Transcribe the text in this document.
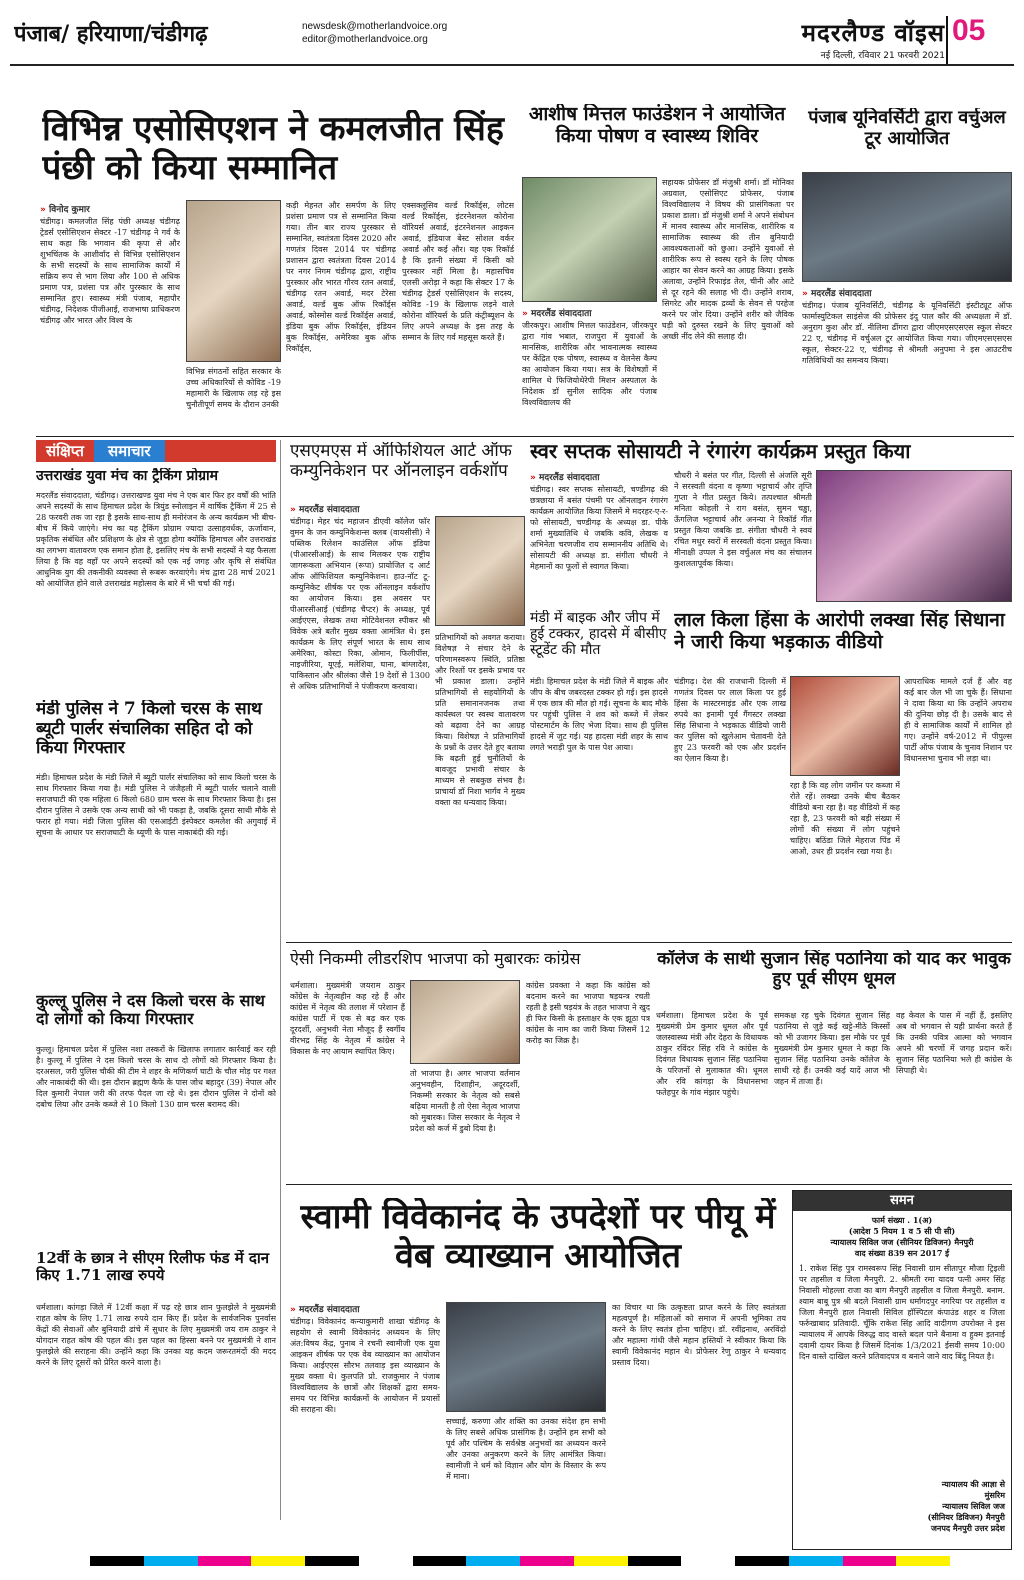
पंजाब/ हरियाणा/चंडीगढ़	newsdesk@motherlandvoice.org
editor@motherlandvoice.org	मदरलैण्ड वॉइस 05
नई दिल्ली, रविवार 21 फरवरी 2021
विभिन्न एसोसिएशन ने कमलजीत सिंह पंछी को किया सम्मानित
» विनोद कुमार
चंडीगढ़। कमलजीत सिंह पंछी अध्यक्ष चंडीगढ़ ट्रेडर्स एसोसिएशन सेक्टर -17 चंडीगढ़ ने गर्व के साथ कहा कि भगवान की कृपा से और शुभचिंतक के आशीर्वाद से विभिन्न एसोसिएशन के सभी सदस्यों के साथ सामाजिक कार्यों में सक्रिय रूप से भाग लिया और 100 से अधिक प्रमाण पत्र, प्रशंसा पत्र और पुरस्कार के साथ सम्मानित हुए। स्वास्थ्य मंत्री पंजाब, महापौर चंडीगढ़, निदेशक पीजीआई, राजभाषा प्राधिकरण चंडीगढ़ और भारत और विश्व के
विभिन्न संगठनों सहित सरकार के उच्च अधिकारियों से कोविड -19 महामारी के खिलाफ लड़ रहे इस चुनौतीपूर्ण समय के दौरान उनकी
कड़ी मेहनत और समर्पण के लिए प्रशंसा प्रमाण पत्र से सम्मानित किया गया। तीन बार राज्य पुरस्कार से सम्मानित, स्वतंत्रता दिवस 2020 और गणतंत्र दिवस 2014 पर चंडीगढ़ प्रशासन द्वारा स्वतंत्रता दिवस 2014 पर नगर निगम चंडीगढ़ द्वारा, राष्ट्रीय पुरस्कार और भारत गौरव रतन अवार्ड, चंडीगढ़ रतन अवार्ड, मदर टेरेसा अवार्ड, वर्ल्ड बुक ऑफ रिकॉर्ड्स अवार्ड, कोस्मोस वर्ल्ड रिकॉर्ड्स अवार्ड, इंडिया बुक ऑफ रिकॉर्ड्स, इंडियन बुक रिकॉर्ड्स, अमेरिका बुक ऑफ रिकॉर्ड्स,
एक्सक्लूसिव वर्ल्ड रिकॉर्ड्स, लोटस वर्ल्ड रिकॉर्ड्स, इंटरनेशनल कोरोना वॉरियर्स अवार्ड, इंटरनेशनल आइकन अवार्ड, इंडियाज बेस्ट सोशल वर्कर अवार्ड और कई और। यह एक रिकॉर्ड है कि इतनी संख्या में किसी को पुरस्कार नहीं मिला है। महासचिव एलसी अरोड़ा ने कहा कि सेक्टर 17 के चंडीगढ़ ट्रेडर्स एसोसिएशन के सदस्य, कोविड -19 के खिलाफ लड़ने वाले कोरोना वॉरियर्स के प्रति कंट्रीब्यूशन के लिए अपने अध्यक्ष के इस तरह के सम्मान के लिए गर्व महसूस करते हैं।
आशीष मित्तल फाउंडेशन ने आयोजित किया पोषण व स्वास्थ्य शिविर
» मदरलैंड संवाददाता
जीरकपुर। आशीष मित्तल फाउंडेशन, जीरकपुर द्वारा गांव भबात, राजपुरा में युवाओं के मानसिक, शारीरिक और भावनात्मक स्वास्थ्य पर केंद्रित एक पोषण, स्वास्थ्य व वेलनेस कैम्प का आयोजन किया गया। सत्र के विशेषज्ञों में शामिल थे फिजियोथेरेपी मिशन अस्पताल के निदेशक डॉ सुनील सादिक और पंजाब विश्वविद्यालय की
सहायक प्रोफेसर डॉ मंजुश्री शर्मा। डॉ मोनिका अग्रवाल, एसोसिएट प्रोफेसर, पंजाब विश्वविद्यालय ने विषय की प्रासंगिकता पर प्रकाश डाला। डॉ मंजुश्री शर्मा ने अपने संबोधन में मानव स्वास्थ्य और मानसिक, शारीरिक व सामाजिक स्वास्थ्य की तीन बुनियादी आवश्यकताओं को छुआ। उन्होंने युवाओं से शारीरिक रूप से स्वस्थ रहने के लिए पोषक आहार का सेवन करने का आग्रह किया। इसके अलावा, उन्होंने रिफाइंड तेल, चीनी और आटे से दूर रहने की सलाह भी दी। उन्होंने शराब, सिगरेट और मादक द्रव्यों के सेवन से परहेज करने पर जोर दिया। उन्होंने शरीर को जैविक घड़ी को दुरुस्त रखने के लिए युवाओं को अच्छी नींद लेने की सलाह दी।
पंजाब यूनिवर्सिटी द्वारा वर्चुअल टूर आयोजित
» मदरलैंड संवाददाता
चंडीगढ़। पंजाब यूनिवर्सिटी, चंडीगढ़ के यूनिवर्सिटी इंस्टीट्यूट ऑफ फार्मास्युटिकल साइंसेज की प्रोफेसर इंदु पाल कौर की अध्यक्षता में डॉ. अनुराग कुश और डॉ. नीलिमा ढींगरा द्वारा जीएमएसएसएस स्कूल सेक्टर 22 ए, चंडीगढ़ में वर्चुअल टूर आयोजित किया गया। जीएमएसएसएस स्कूल, सेक्टर-22 ए, चंडीगढ़ से श्रीमती अनुपमा ने इस आउटरीच गतिविधियों का समन्वय किया।
संक्षिप्त	समाचार
उत्तराखंड युवा मंच का ट्रैकिंग प्रोग्राम
मदरलैंड संवाददाता, चंडीगढ़। उत्तराखण्ड युवा मंच ने एक बार फिर हर वर्षों की भांति अपने सदस्यों के साथ हिमाचल प्रदेश के त्रियुंड स्नोलाइन में वार्षिक ट्रैकिंग में 25 से 28 फरवरी तक जा रहा है इसके साथ-साथ ही मनोरंजन के अन्य कार्यक्रम भी बीच-बीच में किये जाएंगे। मंच का यह ट्रैकिंग प्रोग्राम ज्यादा उत्साहवर्धक, ऊर्जावान, प्रकृतिक संबंधित और प्रशिक्षण के क्षेत्र से जुड़ा होगा क्योंकि हिमाचल और उत्तराखंड का लगभग वातावरण एक समान होता है, इसलिए मंच के सभी सदस्यों ने यह फैसला लिया है कि वह वहाँ पर अपने सदस्यों को एक नई जगह और कृषि से संबंधित आधुनिक युग की तकनीकी व्यवस्था से रूबरू करवाएंगे। मंच द्वारा 28 मार्च 2021 को आयोजित होने वाले उत्तराखंड महोत्सव के बारे में भी चर्चा की गई।
मंडी पुलिस ने 7 किलो चरस के साथ ब्यूटी पार्लर संचालिका सहित दो को किया गिरफ्तार
मंडी। हिमाचल प्रदेश के मंडी जिले में ब्यूटी पार्लर संचालिका को साथ किलो चरस के साथ गिरफ्तार किया गया है। मंडी पुलिस ने जंजैहली में ब्यूटी पार्लर चलाने वाली सराजघाटी की एक महिला 6 किलो 680 ग्राम चरस के साथ गिरफ्तार किया है। इस दौरान पुलिस ने उसके एक अन्य साथी को भी पकड़ा है, जबकि दूसरा साथी मौके से फरार हो गया। मंडी जिला पुलिस की एसआईटी इंस्पेक्टर कमलेश की अगुवाई में सूचना के आधार पर सराजघाटी के थ्यूणी के पास नाकाबंदी की गई।
कुल्लू पुलिस ने दस किलो चरस के साथ दो लोगों को किया गिरफ्तार
कुल्लू। हिमाचल प्रदेश में पुलिस नशा तस्करों के खिलाफ लगातार कार्रवाई कर रही है। कुल्लू में पुलिस ने दस किलो चरस के साथ दो लोगों को गिरफ्तार किया है। दरअसल, जरी पुलिस चौकी की टीम ने शहर के मणिकर्ण घाटी के चौल मोड़ पर गश्त और नाकाबंदी की थी। इस दौरान ब्रह्मण कैफे के पास जोध बहादुर (39) नेपाल और दिल कुमारी नेपाल जरी की तरफ पैदल जा रहे थे। इस दौरान पुलिस ने दोनों को दबोच लिया और उनके कब्जे से 10 किलो 130 ग्राम चरस बरामद की।
12वीं के छात्र ने सीएम रिलीफ फंड में दान किए 1.71 लाख रुपये
धर्मशाला। कांगड़ा जिले में 12वीं कक्षा में पढ़ रहे छात्र शान फुलझेले ने मुख्यमंत्री राहत कोष के लिए 1.71 लाख रुपये दान किए हैं। प्रदेश के सार्वजनिक पुनर्वास केंद्रों की सेवाओं और बुनियादी ढांचे में सुधार के लिए मुख्यमंत्री जय राम ठाकुर ने योगदान राहत कोष की पहल की। इस पहल का हिस्सा बनने पर मुख्यमंत्री ने शान फुलझेले की सराहना की। उन्होंने कहा कि उनका यह कदम जरूरतमंदों की मदद करने के लिए दूसरों को प्रेरित करने वाला है।
एसएमएस में ऑफिशियल आर्ट ऑफ कम्युनिकेशन पर ऑनलाइन वर्कशॉप
» मदरलैंड संवाददाता
चंडीगढ़। मेहर चंद महाजन डीएवी कॉलेज फॉर वुमन के जन कम्युनिकेशन्स क्लब (वायसीसी) ने पब्लिक रिलेशन काउंसिल ऑफ इंडिया (पीआरसीआई) के साथ मिलकर एक राष्ट्रीय जागरूकता अभियान (रूपा) प्रायोजित द आर्ट ऑफ ऑफिशियल कम्युनिकेशन। हाउ-नॉट टू-कम्युनिकेट शीर्षक पर एक ऑनलाइन वर्कशॉप का आयोजन किया। इस अवसर पर पीआरसीआई (चंडीगढ़ चैप्टर) के अध्यक्ष, पूर्व आईएएस, लेखक तथा मोटिवेशनल स्पीकर श्री विवेक अत्रे बतौर मुख्य वक्ता आमंत्रित थे। इस कार्यक्रम के लिए संपूर्ण भारत के साथ साथ अमेरिका, कोस्टा रिका, ओमान, फिलीपींस, नाइजीरिया, यूएई, मलेशिया, घाना, बांग्लादेश, पाकिस्तान और श्रीलंका जैसे 19 देशों से 1300 से अधिक प्रतिभागियों ने पंजीकरण करवाया।
प्रतिभागियों को अवगत कराया। विशेषज्ञ ने संचार देने के परिणामस्वरूप स्थिति, प्रतिष्ठा और रिश्तों पर इसके प्रभाव पर भी प्रकाश डाला। उन्होंने प्रतिभागियों से सहयोगियों के प्रति समानानजनक तथा कार्यस्थल पर स्वस्थ वातावरण को बढ़ावा देने का आग्रह किया। विशेषज्ञ ने प्रतिभागियों के प्रश्नों के उत्तर देते हुए बताया कि बढ़ती हुई चुनौतियों के बावजूद प्रभावी संचार के माध्यम से सबकुछ संभव है। प्राचार्या डॉ निशा भार्गव ने मुख्य वक्ता का धन्यवाद किया।
स्वर सप्तक सोसायटी ने रंगारंग कार्यक्रम प्रस्तुत किया
» मदरलैंड संवाददाता
चंडीगढ़। स्वर सप्तक सोसायटी, चण्डीगढ़ की छत्रछाया में बसंत पंचमी पर ऑनलाइन रंगारंग कार्यक्रम आयोजित किया जिसमें मे मदरहर-ए-र-फो सोसायटी, चण्डीगढ़ के अध्यक्ष डा. पीके शर्मा मुख्यातिथि थे जबकि कवि, लेखक व अभिनेता चरणजीव राय सम्माननीय अतिथि थे। सोसायटी की अध्यक्ष डा. संगीता चौधरी ने मेहमानों का फूलों से स्वागत किया।
चौधरी ने बसंत पर गीत, दिल्ली से अंजलि सूरी ने सरस्वती वंदना व कृष्णा भट्टाचार्य और तृप्ति गुप्ता ने गीत प्रस्तुत किये। तत्पश्चात श्रीमती मनिता कोहली ने राग बसंत, सुमन चड्ढा, ऊँगलिज भट्टाचार्य और अनन्या ने रिकॉर्ड गीत प्रस्तुत किया जबकि डा. संगीता चौधरी ने स्वयं रचित मधुर स्वरों में सरस्वती वंदना प्रस्तुत किया। मीनाक्षी उप्पल ने इस वर्चुअल मंच का संचालन कुशलतापूर्वक किया।
मंडी में बाइक और जीप में हुई टक्कर, हादसे में बीसीए स्टूडेंट की मौत
मंडी। हिमाचल प्रदेश के मंडी जिले में बाइक और जीप के बीच जबरदस्त टक्कर हो गई। इस हादसे में एक छात्र की मौत हो गई। सूचना के बाद मौके पर पहुंची पुलिस ने शव को कब्जे में लेकर पोस्टमार्टम के लिए भेजा दिया। साथ ही पुलिस हादसे में जुट गई। यह हादसा मंडी शहर के साथ लगते भराड़ी पुल के पास पेश आया।
लाल किला हिंसा के आरोपी लक्खा सिंह सिधाना ने जारी किया भड़काऊ वीडियो
चंडीगढ़। देश की राजधानी दिल्ली में गणतंत्र दिवस पर लाल किला पर हुई हिंसा के मास्टरमाइंड और एक लाख रुपये का इनामी पूर्व गैंगस्टर लक्खा सिंह सिधाना ने भड़काऊ वीडियो जारी कर पुलिस को खुलेआम चेतावनी देते हुए 23 फरवरी को एक और प्रदर्शन का ऐलान किया है।
रहा है कि वह लोग जमीन पर कब्जा में रोते रहें। लक्खा उनके बीच बैठकर वीडियो बना रहा है। वह वीडियो में कह रहा है, 23 फरवरी को बड़ी संख्या में लोगों की संख्या में लोग पहुंचने चाहिए। बठिंडा जिले मेहराज पिंड में आओ, उधर ही प्रदर्शन रखा गया है।
आपराधिक मामले दर्ज हैं और वह कई बार जेल भी जा चुके हैं। सिधाना ने दावा किया था कि उन्होंने अपराध की दुनिया छोड़ दी है। उसके बाद से ही वे सामाजिक कार्यों में शामिल हो गए। उन्होंने वर्ष-2012 में पीपुल्स पार्टी ऑफ पंजाब के चुनाव निशान पर विधानसभा चुनाव भी लड़ा था।
ऐसी निकम्मी लीडरशिप भाजपा को मुबारकः कांग्रेस
धर्मशाला। मुख्यमंत्री जयराम ठाकुर कोंग्रेस के नेतृत्वहीन कह रहे हैं और कांग्रेस में नेतृत्व की तलाश में परेशान हैं कांग्रेस पार्टी में एक से बढ़ कर एक दूरदर्शी, अनुभवी नेता मौजूद हैं स्वर्गीय वीरभद्र सिंह के नेतृत्व में कांग्रेस ने विकास के नए आयाम स्थापित किए।
तो भाजपा है। अगर भाजपा वर्तमान अनुभवहीन, दिशाहीन, अदूरदर्शी, निकम्मी सरकार के नेतृत्व को सबसे बढ़िया मानती है तो ऐसा नेतृत्व भाजपा को मुबारक। जिस सरकार के नेतृत्व ने प्रदेश को कर्ज में डुबो दिया है।
कांग्रेस प्रवक्ता ने कहा कि कांग्रेस को बदनाम करने का भाजपा षड़यन्त्र रचती रहती है इसी षड़यंत्र के तहत भाजपा ने खुद ही फिर किसी के हस्ताक्षर के एक झूठा पत्र कांग्रेस के नाम का जारी किया जिसमें 12 करोड़ का जिक्र है।
कॉलेज के साथी सुजान सिंह पठानिया को याद कर भावुक हुए पूर्व सीएम धूमल
धर्मशाला। हिमाचल प्रदेश के पूर्व मुख्यमंत्री प्रेम कुमार धूमल और पूर्व जलस्वास्थ्य मंत्री और देहरा के विधायक ठाकुर रविंदर सिंह रवि ने कांग्रेस के दिवंगत विधायक सुजान सिंह पठानिया के परिजनों से मुलाकात की। धूमल और रवि कांगड़ा के विधानसभा फतेहपुर के गांव मंझार पहुंचे।
समकक्ष रह चुके दिवंगत सुजान सिंह पठानिया से जुड़े कई खट्टे-मीठे किस्सों को भी उजागर किया। इस मौके पर पूर्व मुख्यमंत्री प्रेम कुमार धूमल ने कहा कि सुजान सिंह पठानिया उनके कॉलेज के साथी रहे हैं। उनकी कई यादें आज भी जहन में ताजा हैं।
वह केवल के पास में नहीं हैं, इसलिए अब वो भगवान से यही प्रार्थना करते हैं कि उनकी पवित्र आत्मा को भगवान अपने श्री चरणों में जगह प्रदान करें। सुजान सिंह पठानिया भले ही कांग्रेस के सिपाही थे।
समन
फार्म संख्या . 1(अ)
(आदेश 5 नियम 1 व 5 सी पी सी)
न्यायालय सिविल जज (सीनियर डिविजन) मैनपुरी
वाद संख्या 839 सन 2017 ई
1. राकेश सिंह पुत्र रामस्वरूप सिंह निवासी ग्राम सीतापुर मौजा ट्रिइली पर तहसील व जिला मैनपुरी. 2. श्रीमती रमा यादव पत्नी अमर सिंह निवासी मोहल्ला राजा का बाग मैनपुरी तहसील व जिला मैनपुरी. बनाम. श्याम बाबू पुत्र श्री बदले निवासी ग्राम धर्मांगदपुर नगरिया पर तहसील व जिला मैनपुरी हाल निवासी सिविल हॉस्पिटल कंपाउंड शहर व जिला फर्रुखाबाद प्रतिवादी. चूँकि राकेश सिंह आदि वादीगण उपरोक्त ने इस न्यायालय में आपके विरुद्ध वाद वास्ते बदल पाने बैनामा व हुक्म इतनाई दवामी दायर किया है जिसमें दिनांक 1/3/2021 ईसवी समय 10:00 दिन वास्ते दाखिल करने प्रतिवादपत्र व बनाने जाने वाद बिंदु नियत है।
न्यायालय की आज्ञा से
मुंसरिम
न्यायालय सिविल जज
(सीनियर डिविजन) मैनपुरी
जनपद मैनपुरी उत्तर प्रदेश
स्वामी विवेकानंद के उपदेशों पर पीयू में वेब व्याख्यान आयोजित
» मदरलैंड संवाददाता
चंडीगढ़। विवेकानंद कन्याकुमारी शाखा चंडीगढ़ के सहयोग से स्वामी विवेकानंद अध्ययन के लिए अंत:विषय केंद्र, पुनाब ने रचनी स्वामीजी एक युवा आइकन शीर्षक पर एक वेब व्याख्यान का आयोजन किया। आईएएस सौरभ तलवाड़ इस व्याख्यान के मुख्य वक्ता थे। कुलपति प्रो. राजकुमार ने पंजाब विश्वविद्यालय के छात्रों और शिक्षकों द्वारा समय-समय पर विभिन्न कार्यक्रमों के आयोजन में प्रयासों की सराहना की।
सच्चाई, करुणा और शक्ति का उनका संदेश हम सभी के लिए सबसे अधिक प्रासंगिक है। उन्होंने हम सभी को पूर्व और पश्चिम के सर्वश्रेष्ठ अनुभवों का अध्ययन करने और उनका अनुकरण करने के लिए आमंत्रित किया। स्वामीजी ने धर्म को विज्ञान और योग के विस्तार के रूप में माना।
का विचार था कि उत्कृष्टता प्राप्त करने के लिए स्वतंत्रता महत्वपूर्ण है। महिलाओं को समाज में अपनी भूमिका तय करने के लिए स्वतंत्र होना चाहिए। डॉ. रवींद्रनाथ, अरविंदो और महात्मा गांधी जैसे महान हस्तियों ने स्वीकार किया कि स्वामी विवेकानंद महान थे। प्रोफेसर रेणु ठाकुर ने धन्यवाद प्रस्ताव दिया।
